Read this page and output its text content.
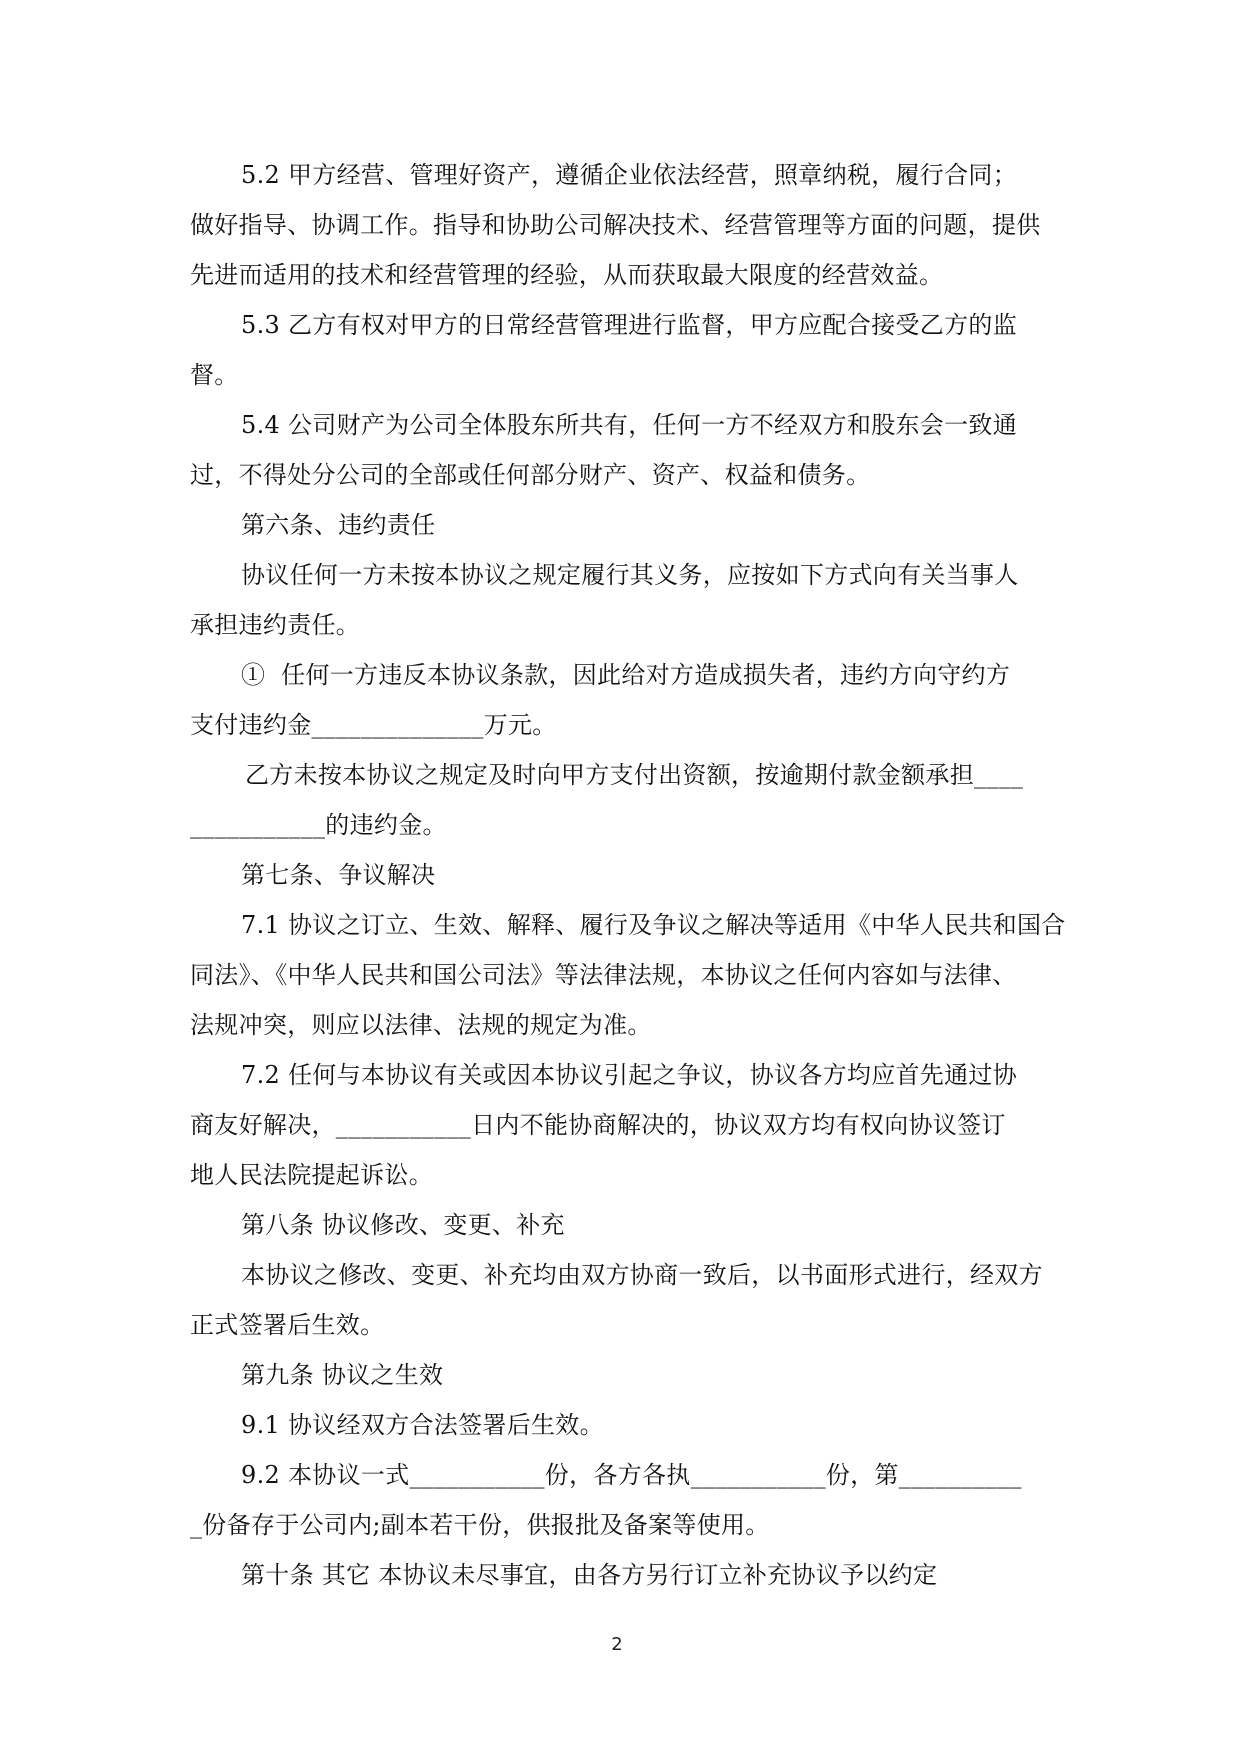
5.2 甲方经营、管理好资产，遵循企业依法经营，照章纳税，履行合同；
做好指导、协调工作。指导和协助公司解决技术、经营管理等方面的问题，提供
先进而适用的技术和经营管理的经验，从而获取最大限度的经营效益。
5.3 乙方有权对甲方的日常经营管理进行监督，甲方应配合接受乙方的监
督。
5.4 公司财产为公司全体股东所共有，任何一方不经双方和股东会一致通
过，不得处分公司的全部或任何部分财产、资产、权益和债务。
第六条、违约责任
协议任何一方未按本协议之规定履行其义务，应按如下方式向有关当事人
承担违约责任。
①  任何一方违反本协议条款，因此给对方造成损失者，违约方向守约方
支付违约金______________万元。
乙方未按本协议之规定及时向甲方支付出资额，按逾期付款金额承担____
___________的违约金。
第七条、争议解决
7.1 协议之订立、生效、解释、履行及争议之解决等适用《中华人民共和国合
同法》、《中华人民共和国公司法》等法律法规，本协议之任何内容如与法律、
法规冲突，则应以法律、法规的规定为准。
7.2 任何与本协议有关或因本协议引起之争议，协议各方均应首先通过协
商友好解决，___________日内不能协商解决的，协议双方均有权向协议签订
地人民法院提起诉讼。
第八条 协议修改、变更、补充
本协议之修改、变更、补充均由双方协商一致后，以书面形式进行，经双方
正式签署后生效。
第九条 协议之生效
9.1 协议经双方合法签署后生效。
9.2 本协议一式___________份，各方各执___________份，第__________
_份备存于公司内;副本若干份，供报批及备案等使用。
第十条 其它 本协议未尽事宜，由各方另行订立补充协议予以约定
2
